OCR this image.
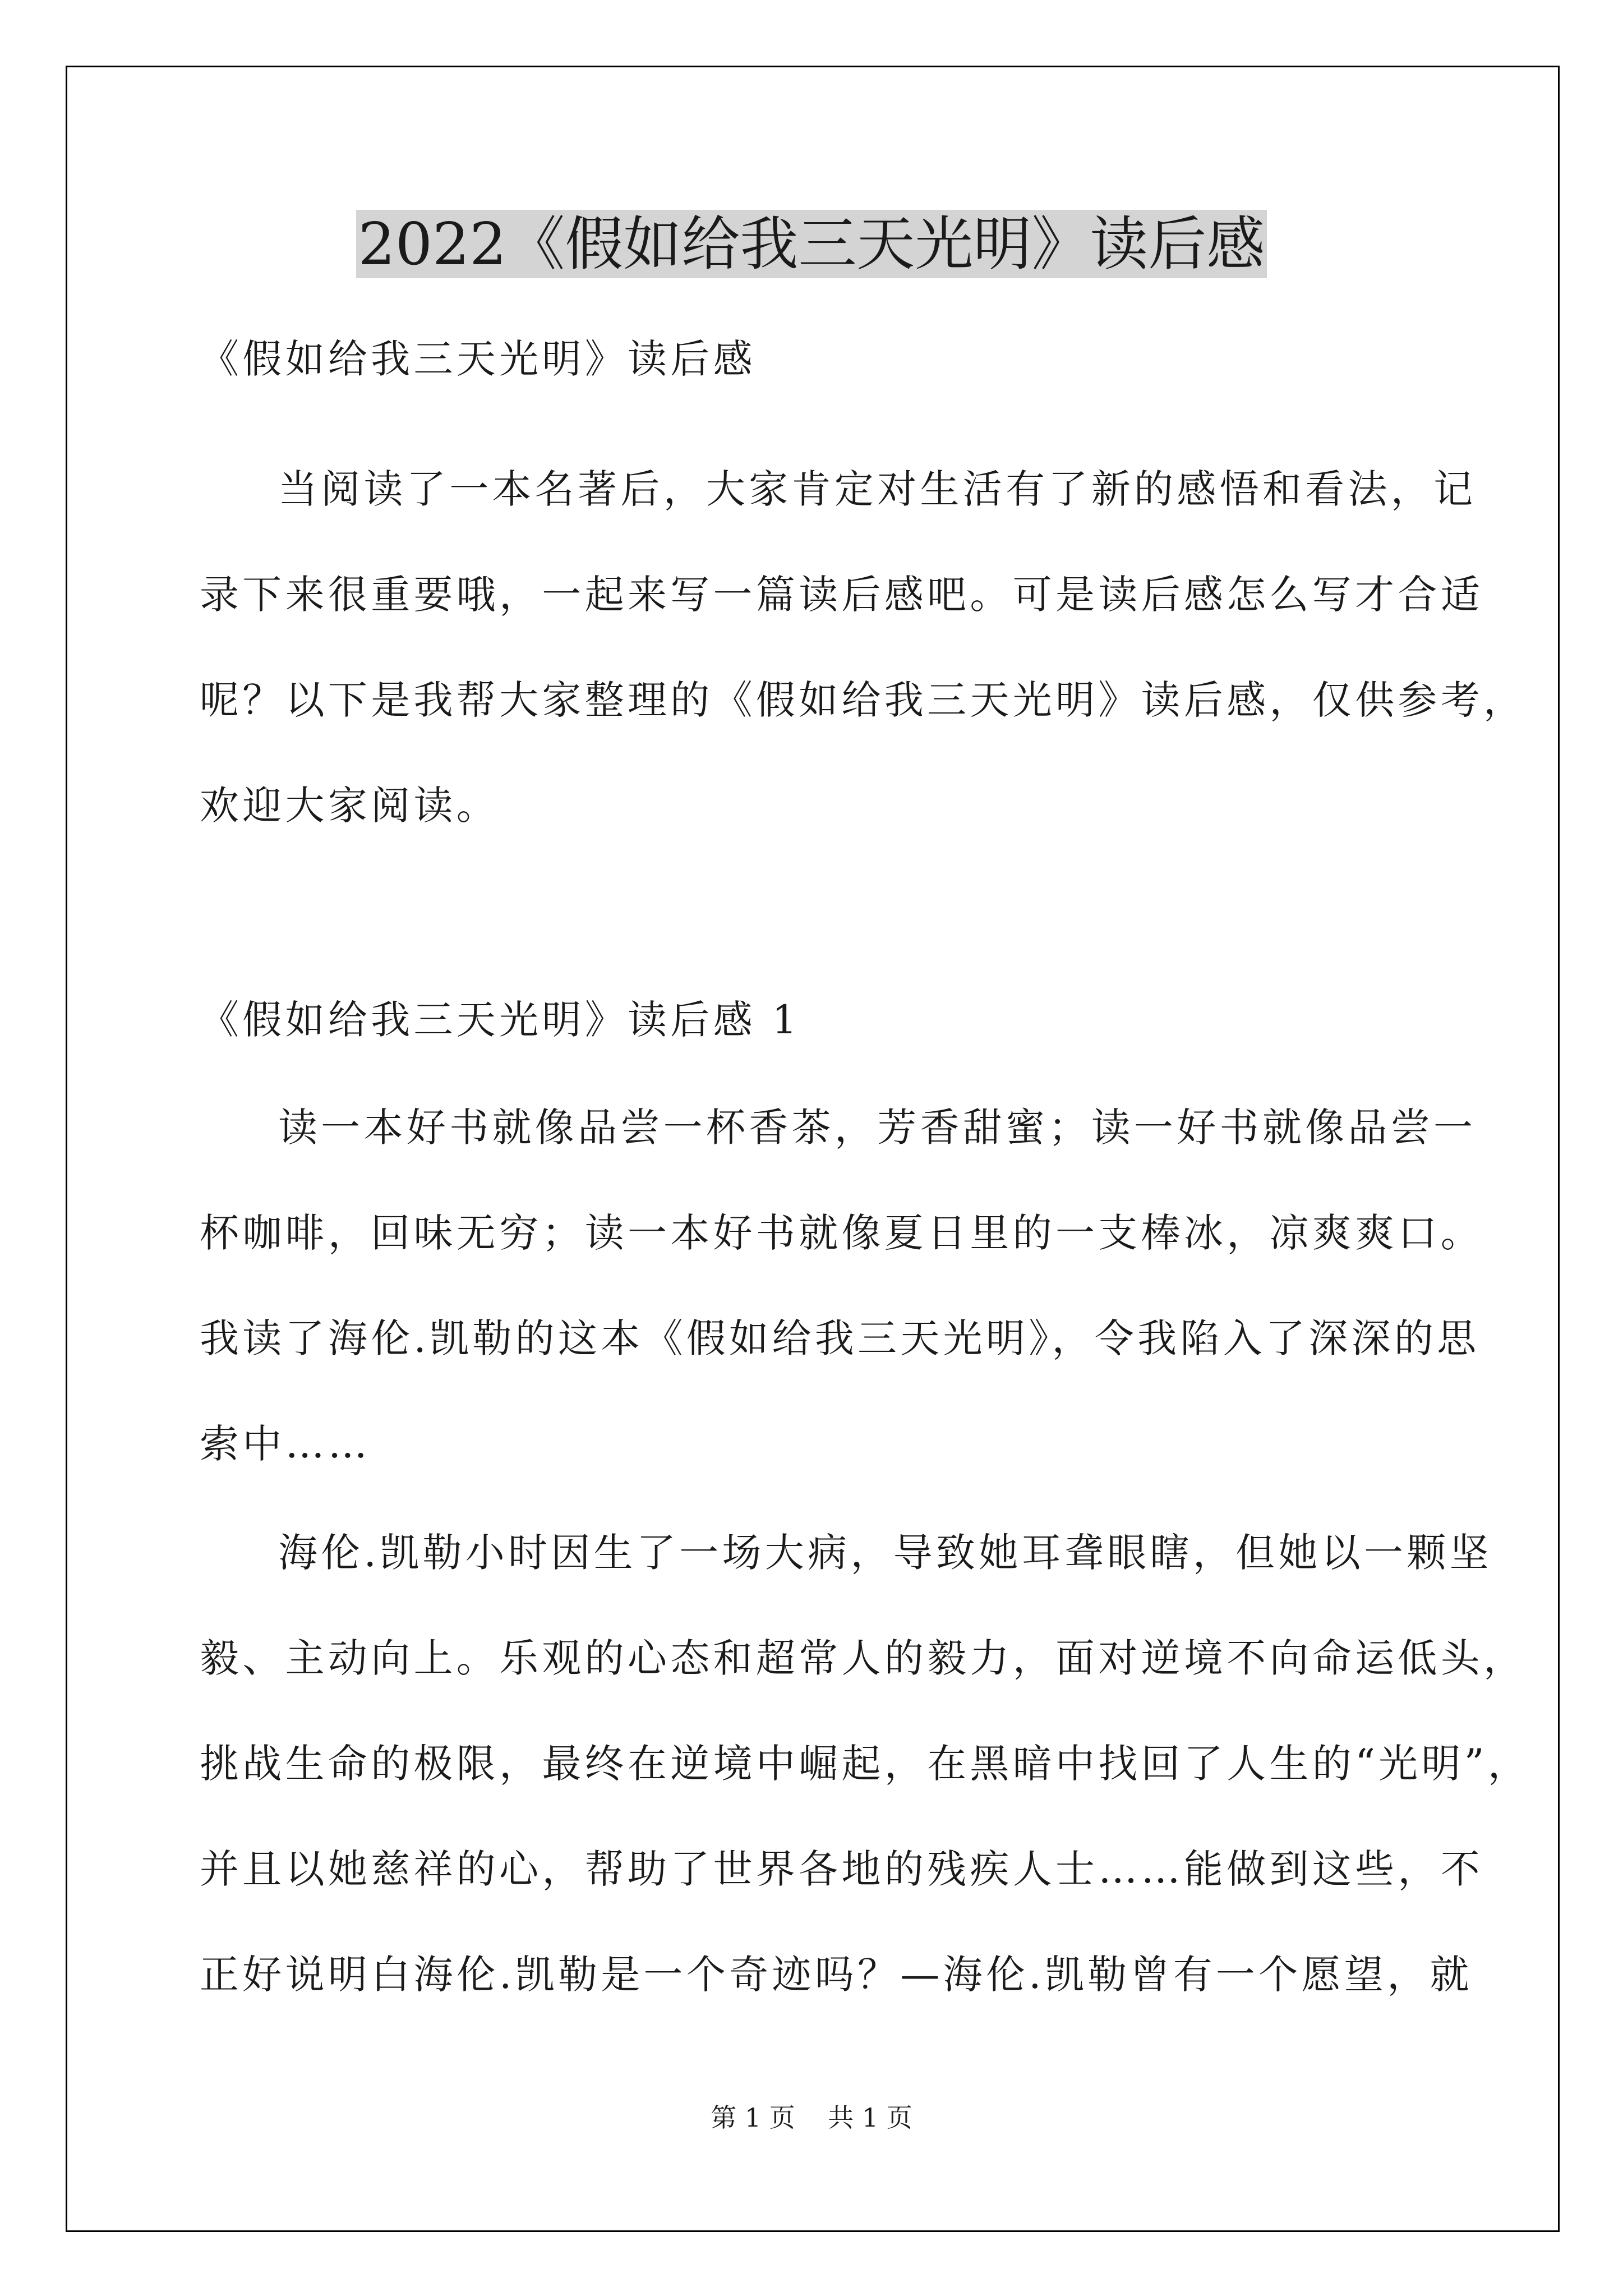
2022《假如给我三天光明》读后感
《假如给我三天光明》读后感
当阅读了一本名著后，大家肯定对生活有了新的感悟和看法，记
录下来很重要哦，一起来写一篇读后感吧。可是读后感怎么写才合适
呢？以下是我帮大家整理的《假如给我三天光明》读后感，仅供参考，
欢迎大家阅读。
《假如给我三天光明》读后感 1
读一本好书就像品尝一杯香茶，芳香甜蜜；读一好书就像品尝一
杯咖啡，回味无穷；读一本好书就像夏日里的一支棒冰，凉爽爽口。
我读了海伦.凯勒的这本《假如给我三天光明》，令我陷入了深深的思
索中……
海伦.凯勒小时因生了一场大病，导致她耳聋眼瞎，但她以一颗坚
毅、主动向上。乐观的心态和超常人的毅力，面对逆境不向命运低头，
挑战生命的极限，最终在逆境中崛起，在黑暗中找回了人生的“光明”，
并且以她慈祥的心，帮助了世界各地的残疾人士……能做到这些，不
正好说明白海伦.凯勒是一个奇迹吗？—海伦.凯勒曾有一个愿望，就
第 1 页    共 1 页
